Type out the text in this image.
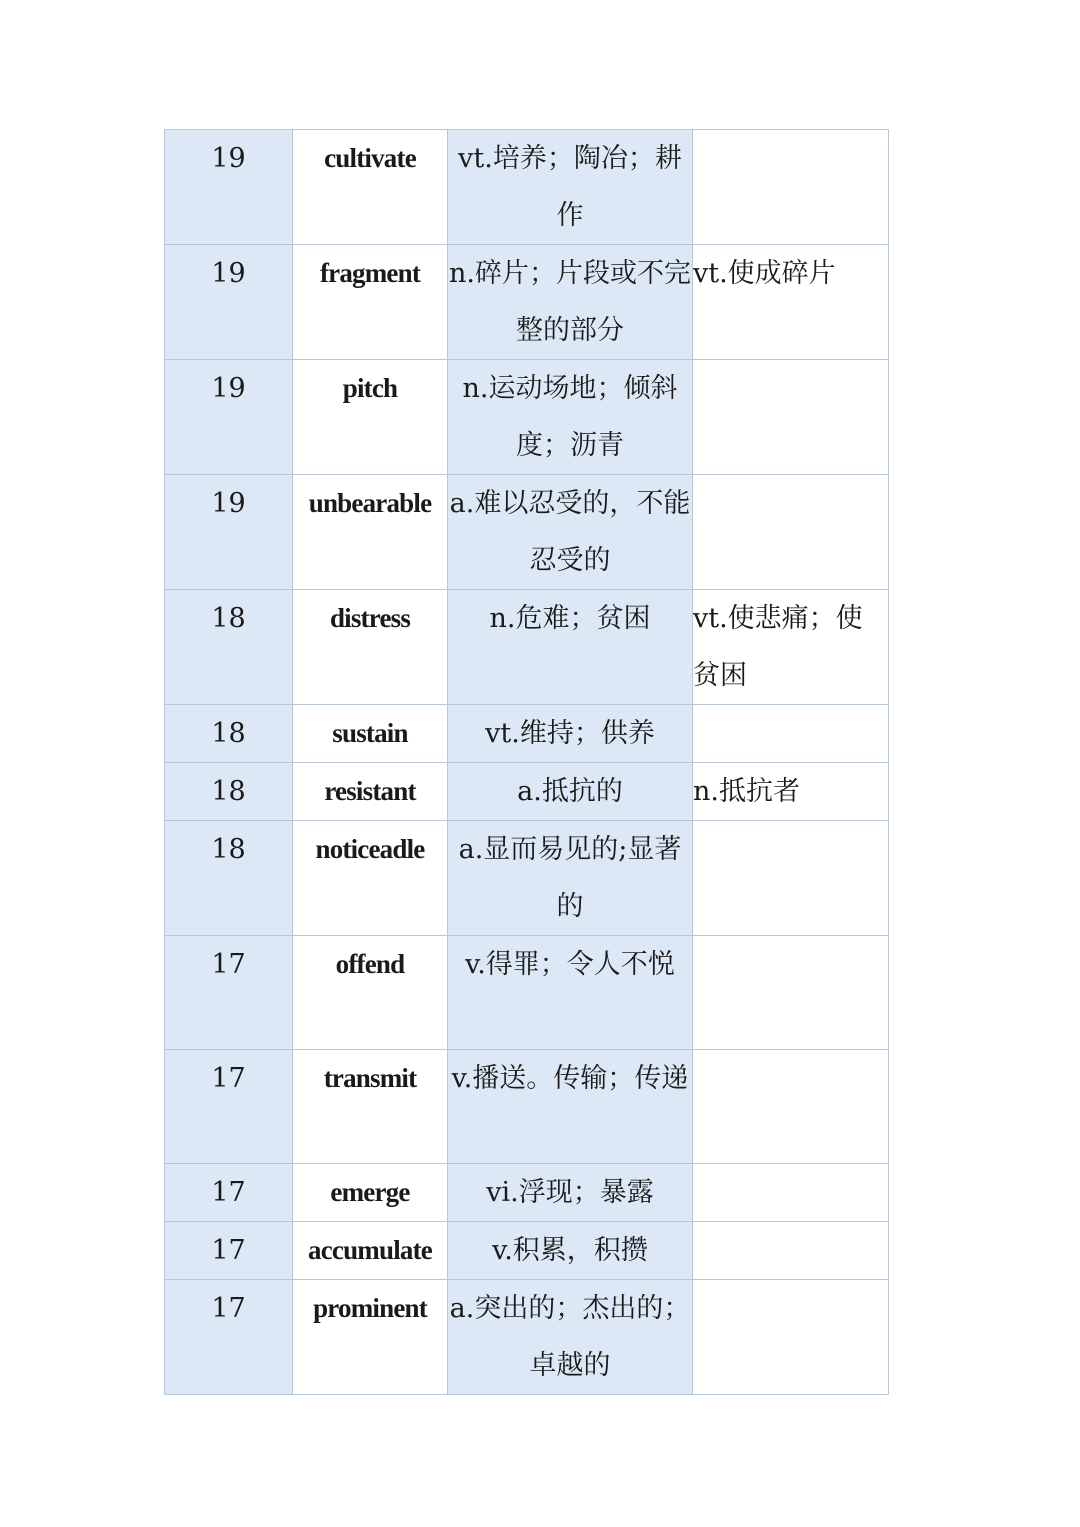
19	cultivate	vt.培养；陶冶；耕作	
19	fragment	n.碎片；片段或不完整的部分	vt.使成碎片
19	pitch	n.运动场地；倾斜度；沥青	
19	unbearable	a.难以忍受的，不能忍受的	
18	distress	n.危难；贫困	vt.使悲痛；使贫困
18	sustain	vt.维持；供养	
18	resistant	a.抵抗的	n.抵抗者
18	noticeadle	a.显而易见的;显著的	
17	offend	v.得罪；令人不悦	
17	transmit	v.播送。传输；传递	
17	emerge	vi.浮现；暴露	
17	accumulate	v.积累，积攒	
17	prominent	a.突出的；杰出的；卓越的	
